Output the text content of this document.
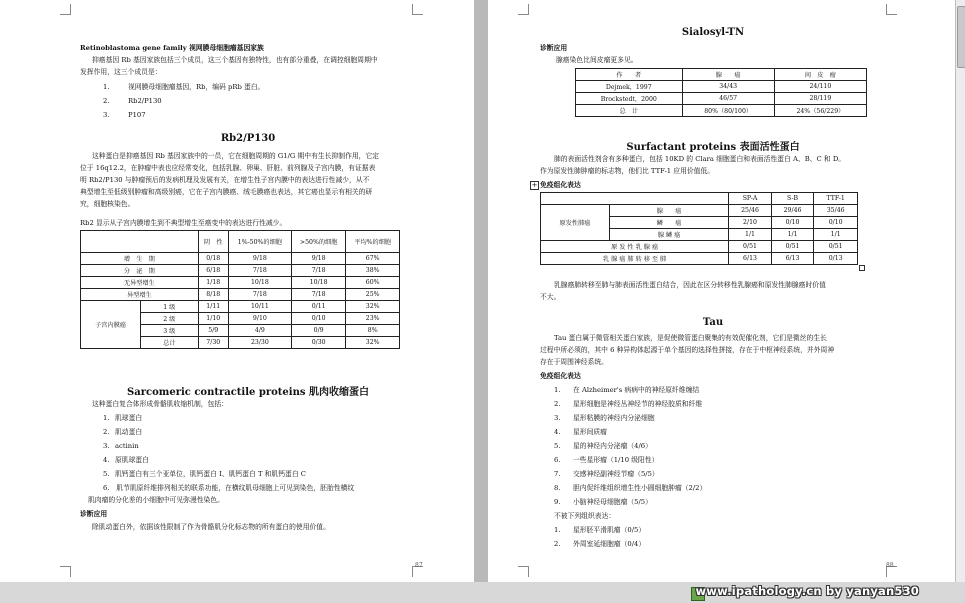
Retinoblastoma gene family 视网膜母细胞瘤基因家族
抑癌基因 Rb 基因家族包括三个成员，这三个基因有独特性，也有部分重叠，在调控细胞周期中
发挥作用，这三个成员是：
1.	视网膜母细胞瘤基因，Rb，编码 pRb 蛋白。
2.	Rb2/P130
3.	P107
Rb2/P130
这种蛋白是抑癌基因 Rb 基因家族中的一员，它在细胞周期的 G1/G 期中有生长抑制作用，它定
位于 16q12.2，在肿瘤中表也应经常变化，包括乳腺、卵巢、肝脏、前列腺及子宫内膜，有证据表
明 Rb2/P130 与肿瘤预后的发病机理及发展有关，在增生性子宫内膜中的表达进行性减少，从不
典型增生至低级别肿瘤和高级别癌，它在子宫内膜癌、绒毛膜癌也表达，其它癌也显示有相关的研
究，细胞核染色。
Rb2 显示从子宫内膜增生到不典型增生至癌变中的表达进行性减少。
		阴　性	1%-50%的细胞	>50%的细胞	平均%的细胞
增　生　期		0/18	9/18	9/18	67%
分　泌　期		6/18	7/18	7/18	38%
无异型增生		1/18	10/18	10/18	60%
异型增生		8/18	7/18	7/18	25%
子宫内膜癌	1 级	1/11	10/11	0/11	32%
	2 级	1/10	9/10	0/10	23%
	3 级	5/9	4/9	0/9	8%
	总计	7/30	23/30	0/30	32%
Sarcomeric contractile proteins 肌肉收缩蛋白
这种蛋白复合体形成骨骼肌收缩机制，包括：
1. 肌球蛋白
2. 肌动蛋白
3. actinin
4. 原肌球蛋白
5. 肌钙蛋白有三个亚单位，肌钙蛋白 I、肌钙蛋白 T 和肌钙蛋白 C
6.　肌节肌原纤维排列相关的联系功能，在横纹肌母细胞上可见到染色，胚胎性横纹
肌肉瘤的分化差的小细胞中可见弥漫性染色。
诊断应用
除肌动蛋白外，依据该性限制了作为骨骼肌分化标志物的所有蛋白的使用价值。
87
Sialosyl-TN
诊断应用
腺癌染色比间皮瘤更多见。
作　　者	腺　　癌	间　皮　瘤
Dejmek，1997	34/43	24/110
Brockstedt，2000	46/57	28/119
总　计	80%（80/100）	24%（56/229）
Surfactant proteins 表面活性蛋白
肺的表面活性剂含有多种蛋白，包括 10KD 的 Clara 细胞蛋白和表面活性蛋白 A、B、C 和 D。
作为原发性肺肿瘤的标志物，他们比 TTF-1 应用价值低。
+ 免疫组化表达
		SP-A	S-B	TTF-1
原发性肺癌	腺　　癌	25/46	29/46	35/46
	鳞　　癌	2/10	0/10	0/10
	腺 鳞 癌	1/1	1/1	1/1
原 发 性 乳 腺 癌		0/51	0/51	0/51
乳 腺 癌 肺 转 移 至 肺		6/13	6/13	0/13
乳腺癌肺转移至肺与肺表面活性蛋白结合，因此在区分转移性乳腺癌和原发性肺腺癌时价值
不大。
Tau
Tau 蛋白属于微管相关蛋白家族，是促使微管蛋白聚集的有效促催化剂，它们是微丝的生长
过程中所必须的，其中 6 种异构体起源于单个基因的选择性拼接，存在于中枢神经系统，并外周神
存在于周围神经系统。
免疫组化表达
1. 在 Alzheimer's 病病中的神经原纤维缠结
2. 星形细胞是神经丛神经节的神经胶质和纤维
3. 星形粘膜的神经内分泌细胞
4. 星形间质瘤
5. 星的神经内分泌瘤（4/6）
6. 一些星形瘤（1/10 级阳性）
7. 交感神经副神经节瘤（5/5）
8. 胆内促纤维组织增生性小圆细胞肿瘤（2/2）
9. 小脑神经母细胞瘤（5/5）
不被下列组织表达：
1. 星形胚平滑肌瘤（0/5）
2. 外周室延细胞瘤（0/4）
88
www.ipathology.cn by yanyan530
